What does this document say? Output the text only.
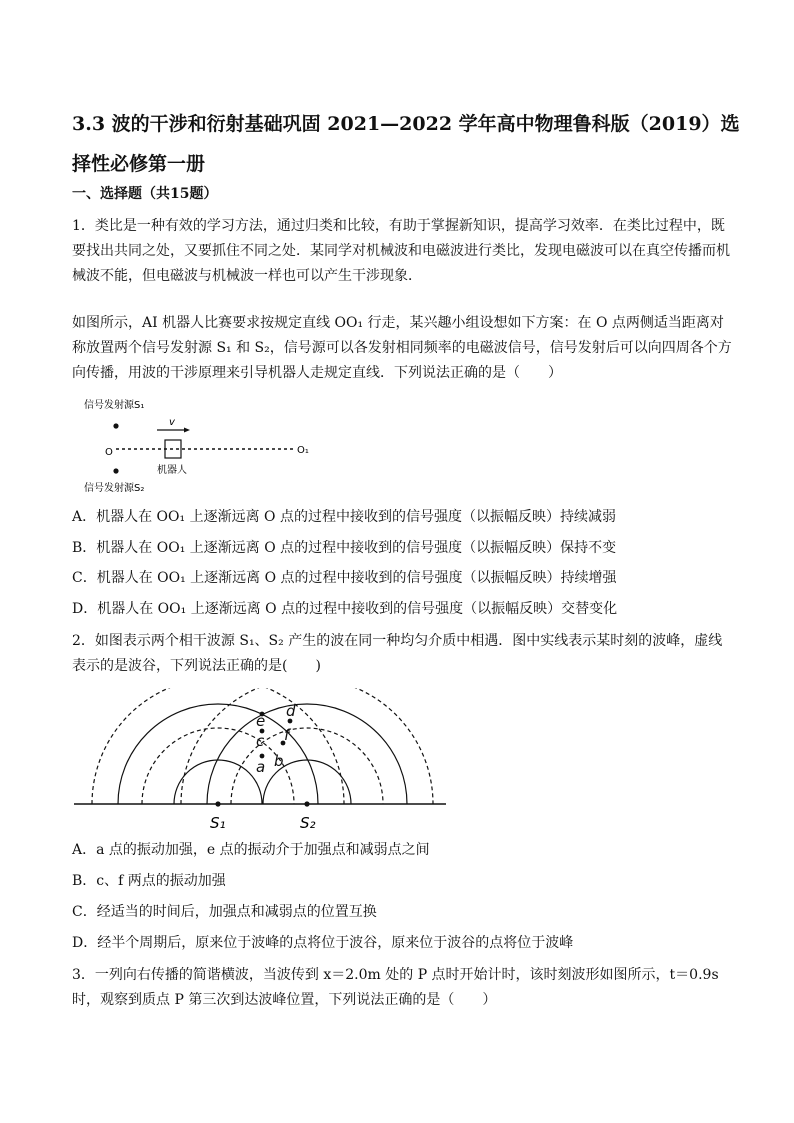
3.3 波的干涉和衍射基础巩固 2021—2022 学年高中物理鲁科版（2019）选择性必修第一册
一、选择题（共15题）
1．类比是一种有效的学习方法，通过归类和比较，有助于掌握新知识，提高学习效率．在类比过程中，既要找出共同之处，又要抓住不同之处．某同学对机械波和电磁波进行类比，发现电磁波可以在真空传播而机械波不能，但电磁波与机械波一样也可以产生干涉现象．
如图所示，AI 机器人比赛要求按规定直线 OO₁ 行走，某兴趣小组设想如下方案：在 O 点两侧适当距离对称放置两个信号发射源 S₁ 和 S₂，信号源可以各发射相同频率的电磁波信号，信号发射后可以向四周各个方向传播，用波的干涉原理来引导机器人走规定直线．下列说法正确的是（　　）
信号发射源S₁
O
v
机器人
O₁
信号发射源S₂
A．机器人在 OO₁ 上逐渐远离 O 点的过程中接收到的信号强度（以振幅反映）持续减弱
B．机器人在 OO₁ 上逐渐远离 O 点的过程中接收到的信号强度（以振幅反映）保持不变
C．机器人在 OO₁ 上逐渐远离 O 点的过程中接收到的信号强度（以振幅反映）持续增强
D．机器人在 OO₁ 上逐渐远离 O 点的过程中接收到的信号强度（以振幅反映）交替变化
2．如图表示两个相干波源 S₁、S₂ 产生的波在同一种均匀介质中相遇．图中实线表示某时刻的波峰，虚线表示的是波谷，下列说法正确的是(　　)
S₁	S₂
e
d
c f
a b
A．a 点的振动加强，e 点的振动介于加强点和减弱点之间
B．c、f 两点的振动加强
C．经适当的时间后，加强点和减弱点的位置互换
D．经半个周期后，原来位于波峰的点将位于波谷，原来位于波谷的点将位于波峰
3．一列向右传播的简谐横波，当波传到 x＝2.0m 处的 P 点时开始计时，该时刻波形如图所示，t＝0.9s 时，观察到质点 P 第三次到达波峰位置，下列说法正确的是（　　）
